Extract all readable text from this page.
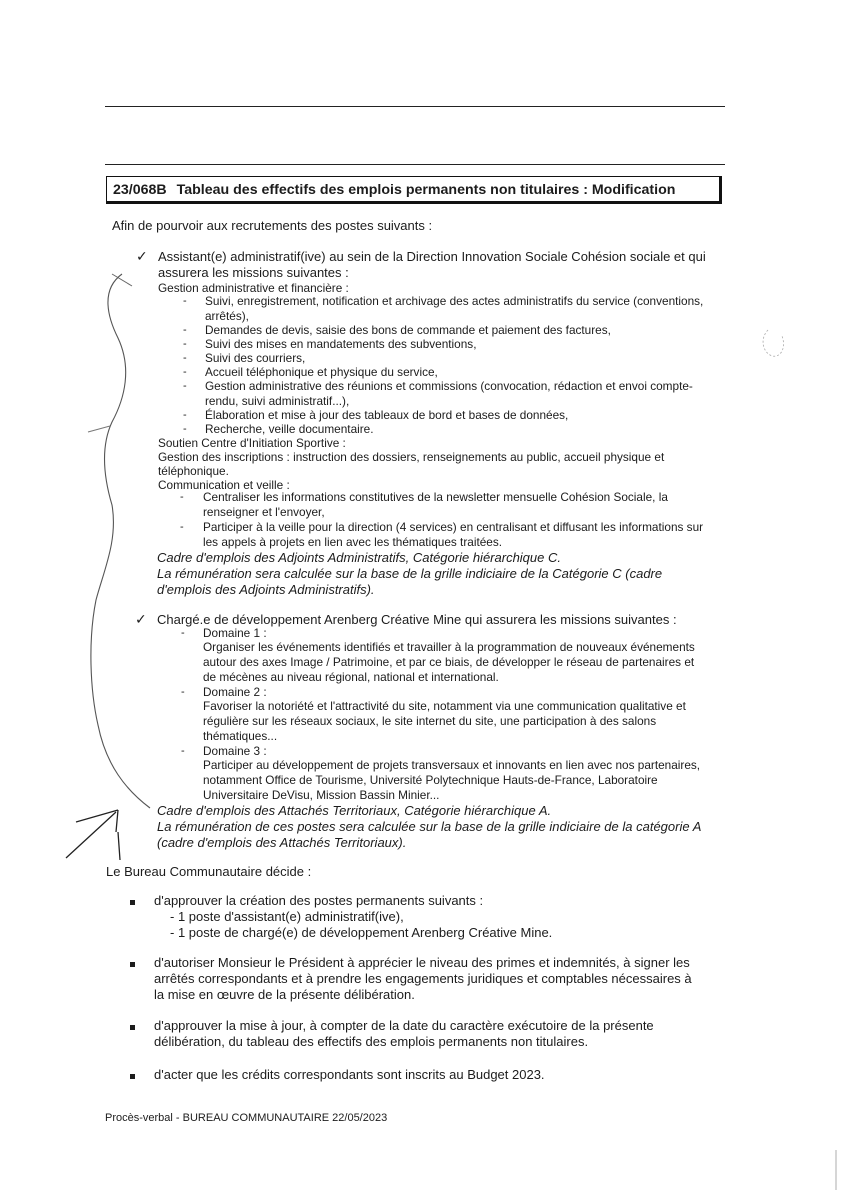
23/068B Tableau des effectifs des emplois permanents non titulaires : Modification
Afin de pourvoir aux recrutements des postes suivants :
✓ Assistant(e) administratif(ive) au sein de la Direction Innovation Sociale Cohésion sociale et qui
assurera les missions suivantes :
Gestion administrative et financière :
- Suivi, enregistrement, notification et archivage des actes administratifs du service (conventions,
arrêtés),
- Demandes de devis, saisie des bons de commande et paiement des factures,
- Suivi des mises en mandatements des subventions,
- Suivi des courriers,
- Accueil téléphonique et physique du service,
- Gestion administrative des réunions et commissions (convocation, rédaction et envoi compte-
rendu, suivi administratif...),
- Élaboration et mise à jour des tableaux de bord et bases de données,
- Recherche, veille documentaire.
Soutien Centre d'Initiation Sportive :
Gestion des inscriptions : instruction des dossiers, renseignements au public, accueil physique et
téléphonique.
Communication et veille :
- Centraliser les informations constitutives de la newsletter mensuelle Cohésion Sociale, la
renseigner et l'envoyer,
- Participer à la veille pour la direction (4 services) en centralisant et diffusant les informations sur
les appels à projets en lien avec les thématiques traitées.
Cadre d'emplois des Adjoints Administratifs, Catégorie hiérarchique C.
La rémunération sera calculée sur la base de la grille indiciaire de la Catégorie C (cadre
d'emplois des Adjoints Administratifs).
✓ Chargé.e de développement Arenberg Créative Mine qui assurera les missions suivantes :
- Domaine 1 :
Organiser les événements identifiés et travailler à la programmation de nouveaux événements
autour des axes Image / Patrimoine, et par ce biais, de développer le réseau de partenaires et
de mécènes au niveau régional, national et international.
- Domaine 2 :
Favoriser la notoriété et l'attractivité du site, notamment via une communication qualitative et
régulière sur les réseaux sociaux, le site internet du site, une participation à des salons
thématiques...
- Domaine 3 :
Participer au développement de projets transversaux et innovants en lien avec nos partenaires,
notamment Office de Tourisme, Université Polytechnique Hauts-de-France, Laboratoire
Universitaire DeVisu, Mission Bassin Minier...
Cadre d'emplois des Attachés Territoriaux, Catégorie hiérarchique A.
La rémunération de ces postes sera calculée sur la base de la grille indiciaire de la catégorie A
(cadre d'emplois des Attachés Territoriaux).
Le Bureau Communautaire décide :
d'approuver la création des postes permanents suivants :
- 1 poste d'assistant(e) administratif(ive),
- 1 poste de chargé(e) de développement Arenberg Créative Mine.
d'autoriser Monsieur le Président à apprécier le niveau des primes et indemnités, à signer les
arrêtés correspondants et à prendre les engagements juridiques et comptables nécessaires à
la mise en œuvre de la présente délibération.
d'approuver la mise à jour, à compter de la date du caractère exécutoire de la présente
délibération, du tableau des effectifs des emplois permanents non titulaires.
d'acter que les crédits correspondants sont inscrits au Budget 2023.
Procès-verbal - BUREAU COMMUNAUTAIRE 22/05/2023
